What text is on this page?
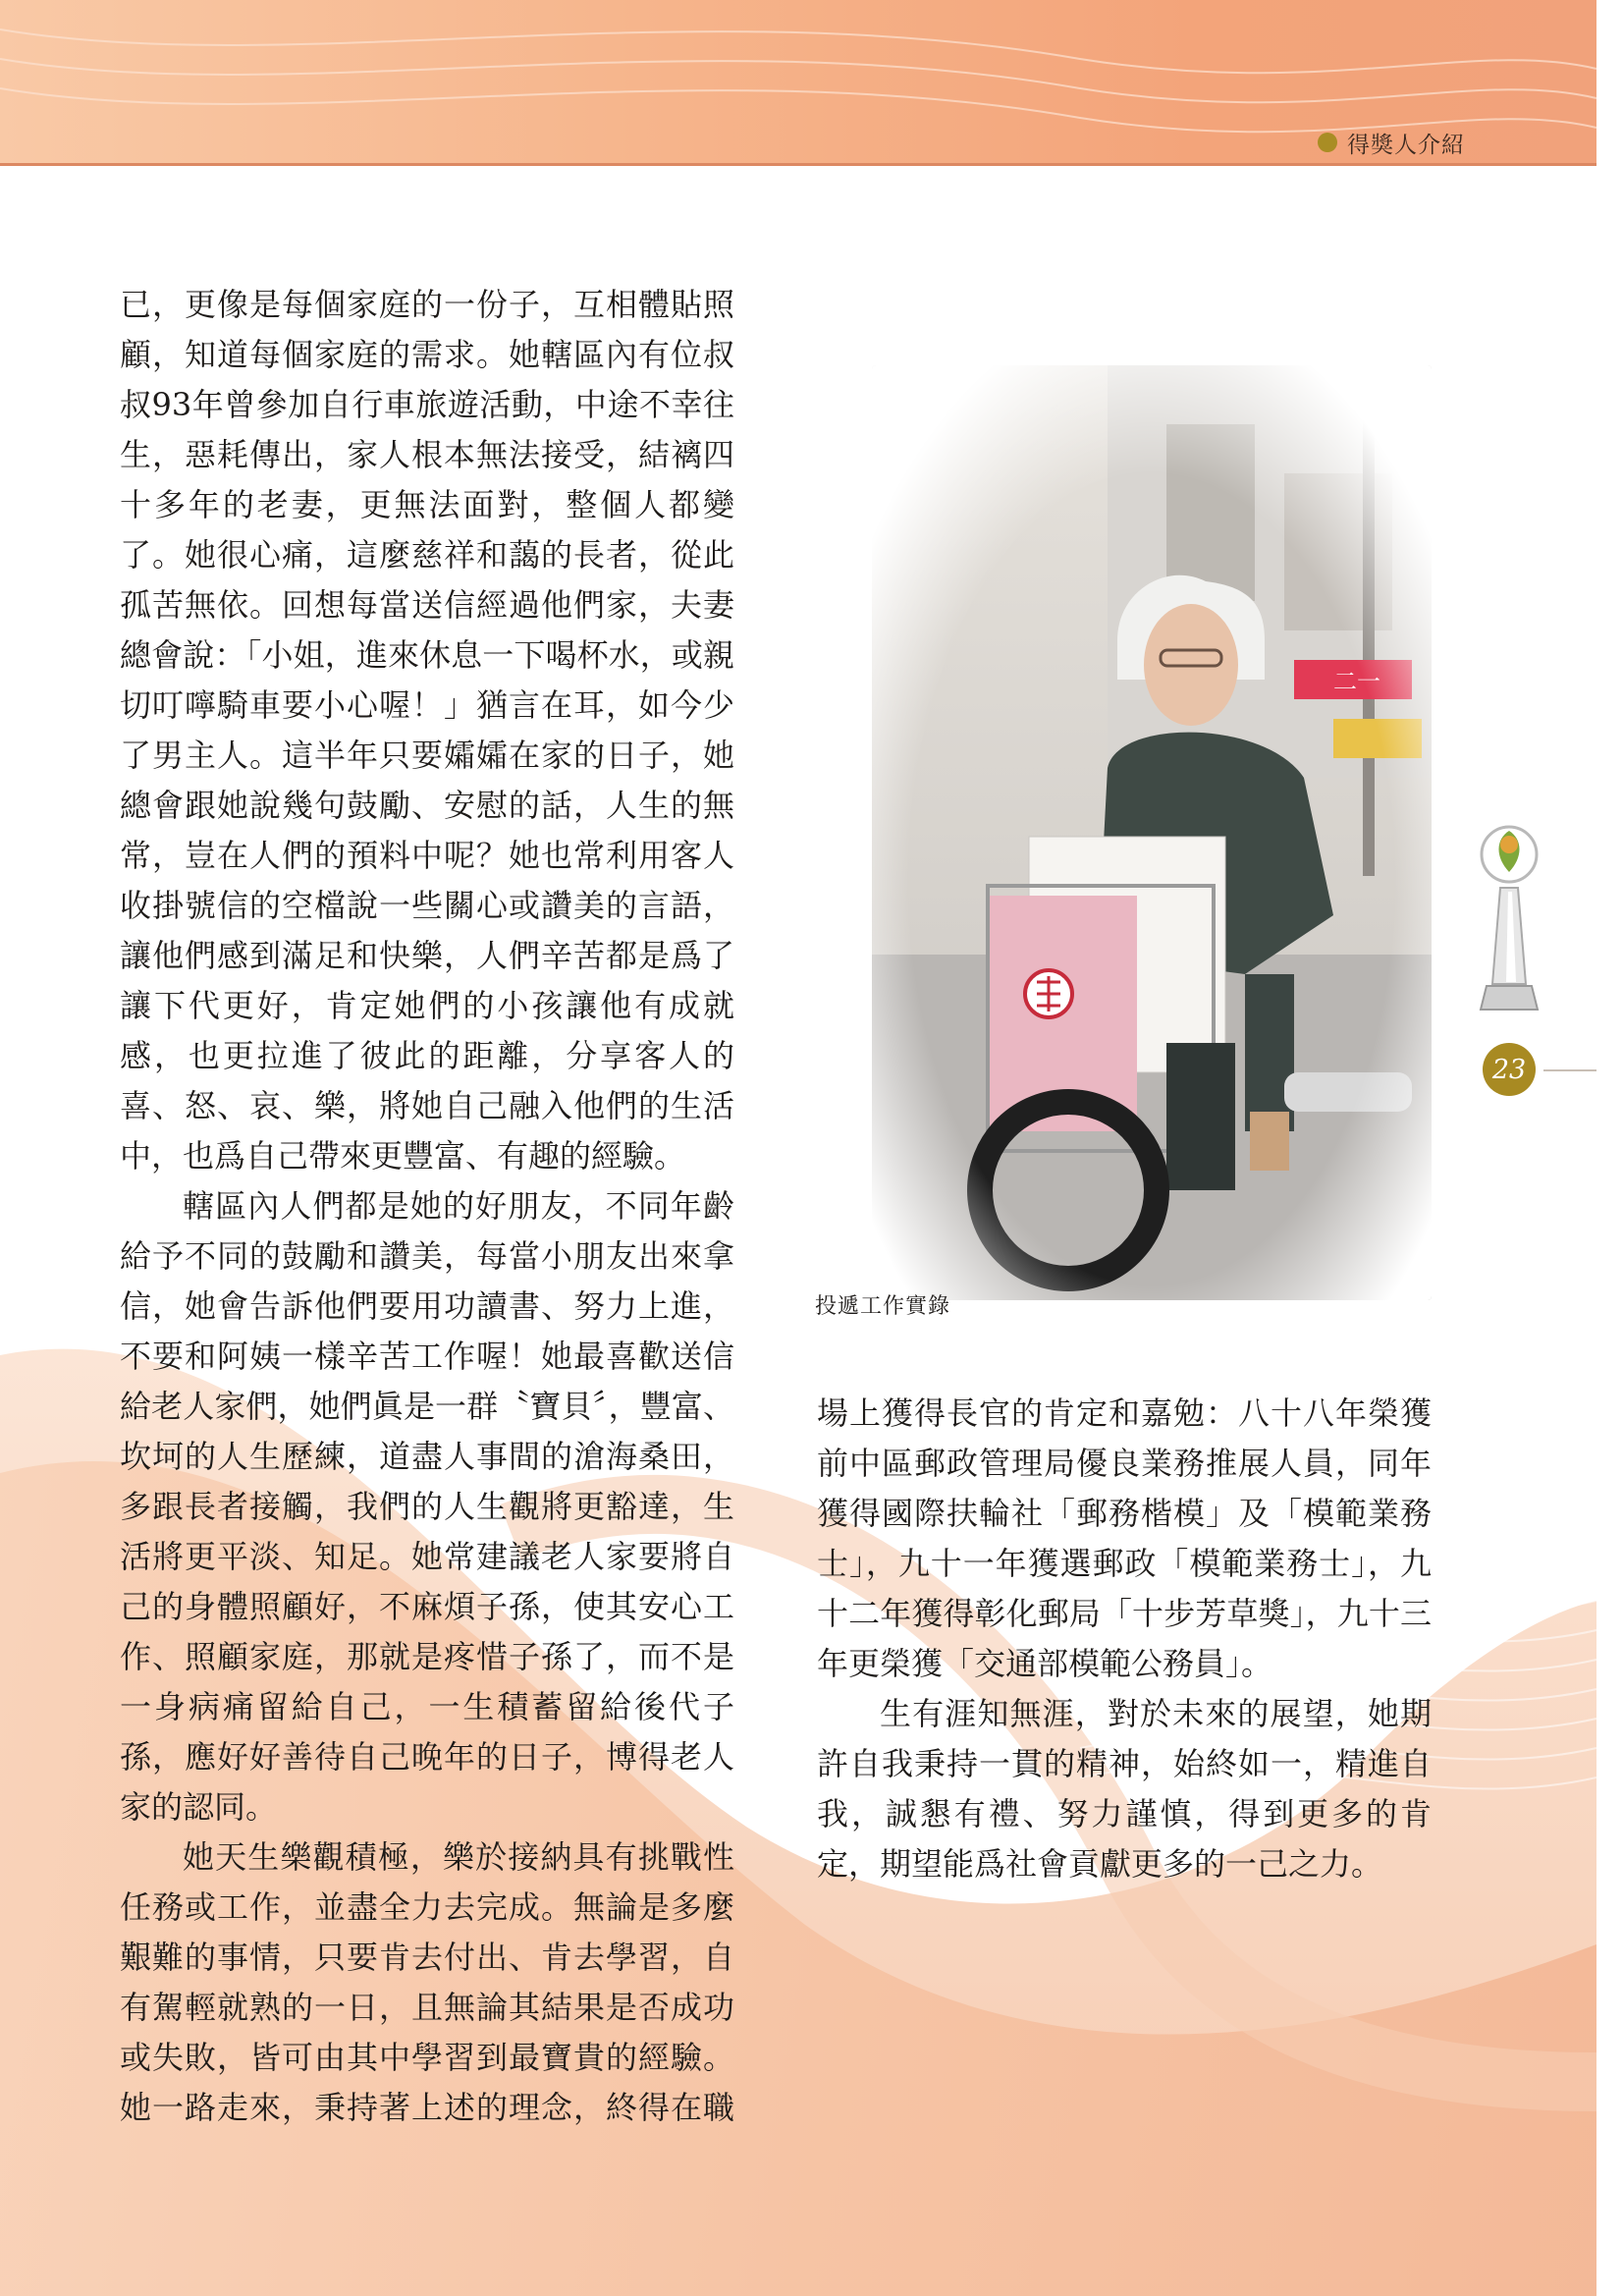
得獎人介紹

已，更像是每個家庭的一份子，互相體貼照顧，知道每個家庭的需求。她轄區內有位叔叔93年曾參加自行車旅遊活動，中途不幸往生，惡耗傳出，家人根本無法接受，結褵四十多年的老妻，更無法面對，整個人都變了。她很心痛，這麼慈祥和藹的長者，從此孤苦無依。回想每當送信經過他們家，夫妻總會說：「小姐，進來休息一下喝杯水，或親切叮嚀騎車要小心喔！」猶言在耳，如今少了男主人。這半年只要孀孀在家的日子，她總會跟她說幾句鼓勵、安慰的話，人生的無常，豈在人們的預料中呢？她也常利用客人收掛號信的空檔說一些關心或讚美的言語，讓他們感到滿足和快樂，人們辛苦都是爲了讓下代更好，肯定她們的小孩讓他有成就感，也更拉進了彼此的距離，分享客人的喜、怒、哀、樂，將她自己融入他們的生活中，也爲自己帶來更豐富、有趣的經驗。

轄區內人們都是她的好朋友，不同年齡給予不同的鼓勵和讚美，每當小朋友出來拿信，她會告訴他們要用功讀書、努力上進，不要和阿姨一樣辛苦工作喔！她最喜歡送信給老人家們，她們眞是一群〝寶貝〞，豐富、坎坷的人生歷練，道盡人事間的滄海桑田，多跟長者接觸，我們的人生觀將更豁達，生活將更平淡、知足。她常建議老人家要將自己的身體照顧好，不麻煩子孫，使其安心工作、照顧家庭，那就是疼惜子孫了，而不是一身病痛留給自己，一生積蓄留給後代子孫，應好好善待自己晚年的日子，博得老人家的認同。

她天生樂觀積極，樂於接納具有挑戰性任務或工作，並盡全力去完成。無論是多麼艱難的事情，只要肯去付出、肯去學習，自有駕輕就熟的一日，且無論其結果是否成功或失敗，皆可由其中學習到最寶貴的經驗。她一路走來，秉持著上述的理念，終得在職

投遞工作實錄

場上獲得長官的肯定和嘉勉：八十八年榮獲前中區郵政管理局優良業務推展人員，同年獲得國際扶輪社「郵務楷模」及「模範業務士」，九十一年獲選郵政「模範業務士」，九十二年獲得彰化郵局「十步芳草獎」，九十三年更榮獲「交通部模範公務員」。

生有涯知無涯，對於未來的展望，她期許自我秉持一貫的精神，始終如一，精進自我，誠懇有禮、努力謹慎，得到更多的肯定，期望能爲社會貢獻更多的一己之力。

23
